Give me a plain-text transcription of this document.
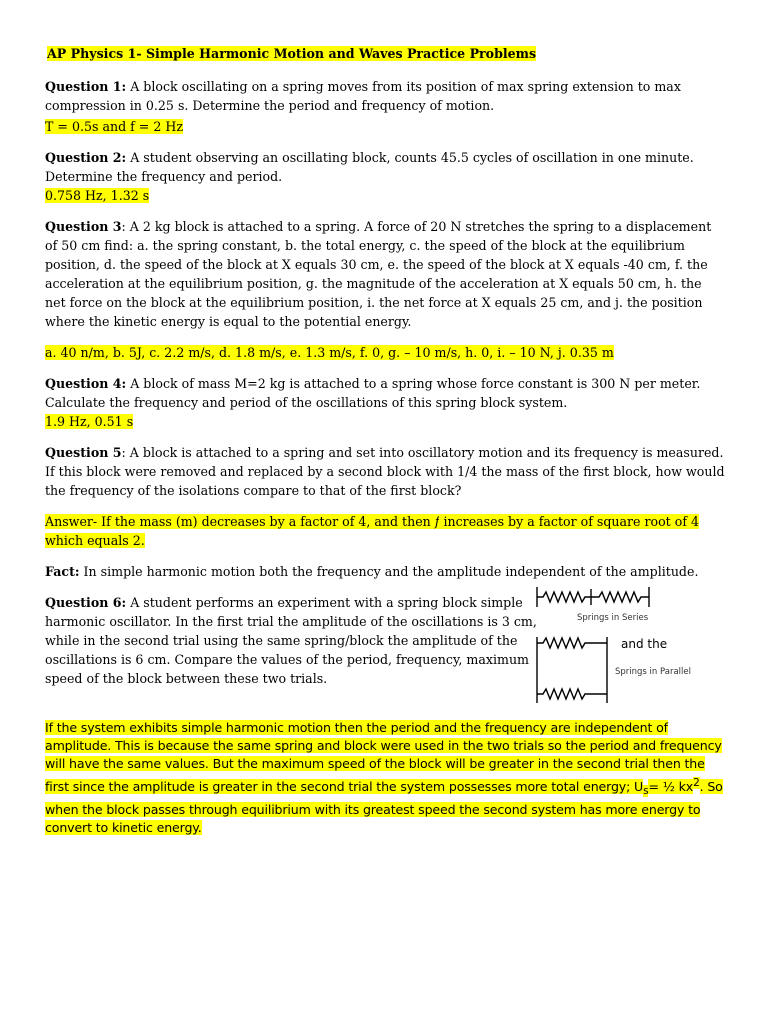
AP Physics 1- Simple Harmonic Motion and Waves Practice Problems

Question 1: A block oscillating on a spring moves from its position of max spring extension to max compression in 0.25 s. Determine the period and frequency of motion.

T = 0.5s and f = 2 Hz

Question 2: A student observing an oscillating block, counts 45.5 cycles of oscillation in one minute.

Determine the frequency and period.

0.758 Hz, 1.32 s

Question 3: A 2 kg block is attached to a spring. A force of 20 N stretches the spring to a displacement of 50 cm find: a. the spring constant, b. the total energy, c. the speed of the block at the equilibrium position, d. the speed of the block at X equals 30 cm, e. the speed of the block at X equals -40 cm, f. the acceleration at the equilibrium position, g. the magnitude of the acceleration at X equals 50 cm, h. the net force on the block at the equilibrium position, i. the net force at X equals 25 cm, and j. the position where the kinetic energy is equal to the potential energy.

a. 40 n/m, b. 5J, c. 2.2 m/s, d. 1.8 m/s, e. 1.3 m/s, f. 0, g. – 10 m/s, h. 0, i. – 10 N, j. 0.35 m

Question 4: A block of mass M=2 kg is attached to a spring whose force constant is 300 N per meter.

Calculate the frequency and period of the oscillations of this spring block system.

1.9 Hz, 0.51 s

Question 5: A block is attached to a spring and set into oscillatory motion and its frequency is measured. If this block were removed and replaced by a second block with 1/4 the mass of the first block, how would the frequency of the isolations compare to that of the first block?

Answer- If the mass (m) decreases by a factor of 4, and then f increases by a factor of square root of 4 which equals 2.

Fact: In simple harmonic motion both the frequency and the amplitude independent of the amplitude.

Question 6: A student performs an experiment with a spring block simple harmonic oscillator. In the first trial the amplitude of the oscillations is 3 cm, while in the second trial using the same spring/block the amplitude of the oscillations is 6 cm. Compare the values of the period, frequency, maximum speed of the block between these two trials.

Springs in Series
and the
Springs in Parallel
If the system exhibits simple harmonic motion then the period and the frequency are independent of amplitude. This is because the same spring and block were used in the two trials so the period and frequency will have the same values. But the maximum speed of the block will be greater in the second trial then the first since the amplitude is greater in the second trial the system possesses more total energy; $U_s=$ ½ $kx^2$. So when the block passes through equilibrium with its greatest speed the second system has more energy to convert to kinetic energy.
